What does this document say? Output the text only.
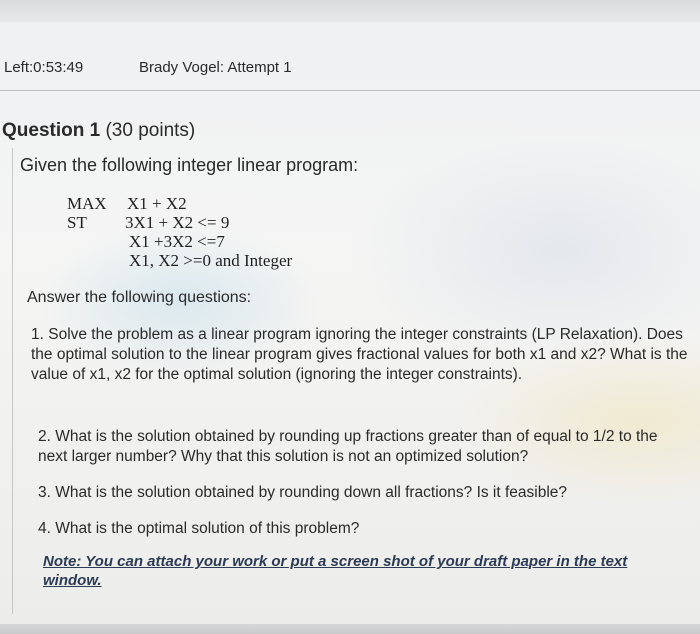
Left:0:53:49	Brady Vogel: Attempt 1
Question 1 (30 points)
Given the following integer linear program:
MAX X1 + X2
ST 3X1 + X2 <= 9
X1 +3X2 <=7
X1, X2 >=0 and Integer
Answer the following questions:
1. Solve the problem as a linear program ignoring the integer constraints (LP Relaxation). Does the optimal solution to the linear program gives fractional values for both x1 and x2? What is the value of x1, x2 for the optimal solution (ignoring the integer constraints).
2. What is the solution obtained by rounding up fractions greater than of equal to 1/2 to the next larger number? Why that this solution is not an optimized solution?
3. What is the solution obtained by rounding down all fractions? Is it feasible?
4. What is the optimal solution of this problem?
Note: You can attach your work or put a screen shot of your draft paper in the text window.
